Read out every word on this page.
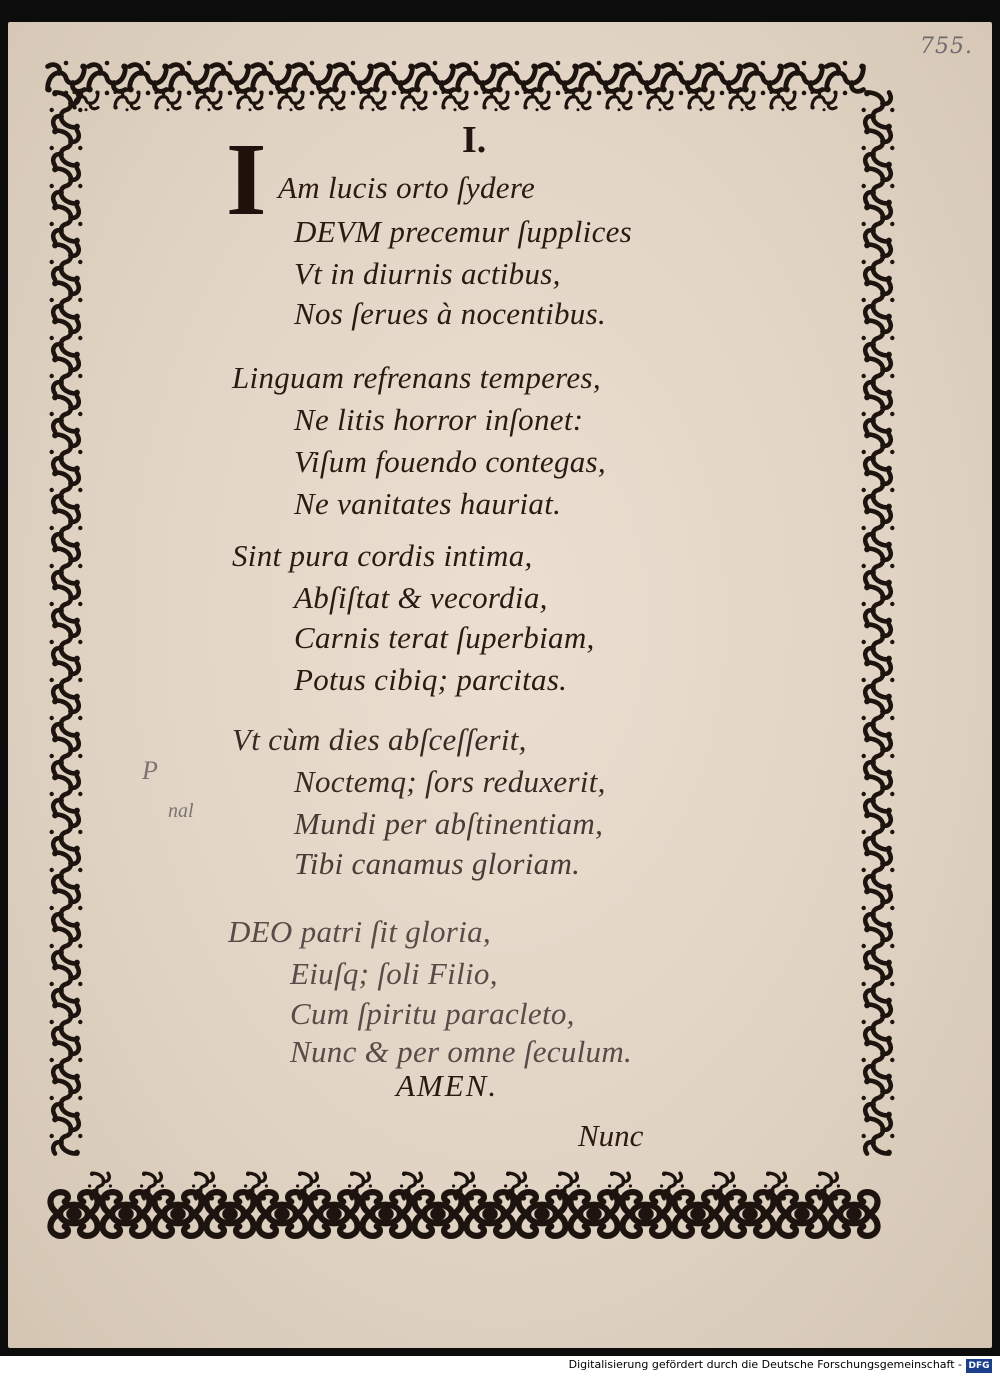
755.
I.
I Am lucis orto ſydere
DEVM precemur ſupplices
Vt in diurnis actibus,
Nos ſerues à nocentibus.
Linguam refrenans temperes,
Ne litis horror inſonet:
Viſum fouendo contegas,
Ne vanitates hauriat.
Sint pura cordis intima,
Abſiſtat & vecordia,
Carnis terat ſuperbiam,
Potus cibiq; parcitas.
Vt cùm dies abſceſſerit,
Noctemq; ſors reduxerit,
Mundi per abſtinentiam,
Tibi canamus gloriam.
DEO patri ſit gloria,
Eiuſq; ſoli Filio,
Cum ſpiritu paracleto,
Nunc & per omne ſeculum.
AMEN.
Nunc
P
nal
Digitalisierung gefördert durch die Deutsche Forschungsgemeinschaft - DFG
